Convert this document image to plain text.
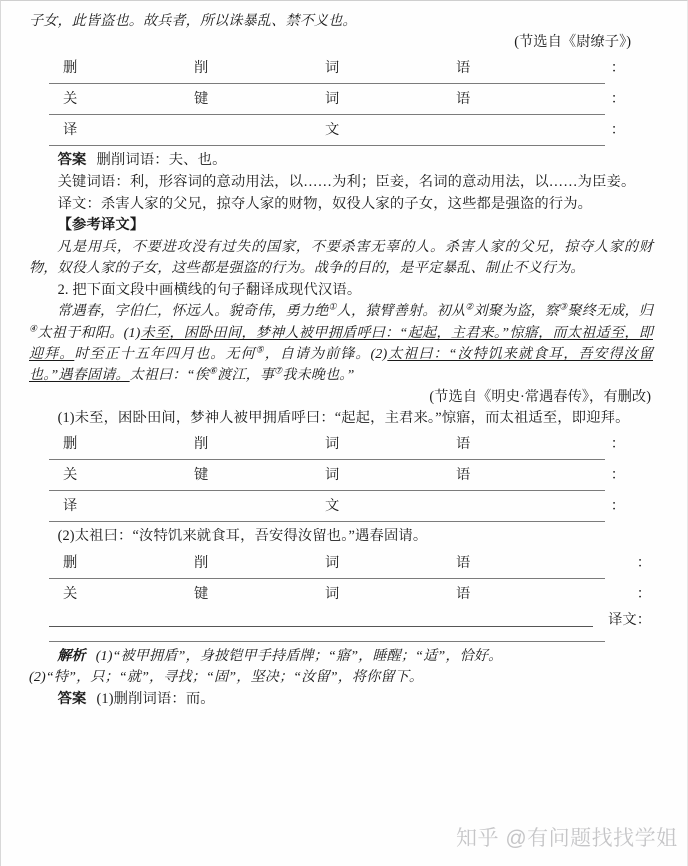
子女，此皆盗也。故兵者，所以诛暴乱、禁不义也。

(节选自《尉缭子》)

删	削	词	语	：
关	键	词	语	：
译	文	：

答案 删削词语：夫、也。

关键词语：利，形容词的意动用法，以……为利；臣妾，名词的意动用法，以……为臣妾。

译文：杀害人家的父兄，掠夺人家的财物，奴役人家的子女，这些都是强盗的行为。

【参考译文】

凡是用兵，不要进攻没有过失的国家，不要杀害无辜的人。杀害人家的父兄，掠夺人家的财物，奴役人家的子女，这些都是强盗的行为。战争的目的，是平定暴乱、制止不义行为。

2. 把下面文段中画横线的句子翻译成现代汉语。

常遇春，字伯仁，怀远人。貌奇伟，勇力绝①人，猿臂善射。初从②刘聚为盗，察③聚终无成，归④太祖于和阳。(1)未至，困卧田间，梦神人被甲拥盾呼曰：“起起，主君来。”惊寤，而太祖适至，即迎拜。时至正十五年四月也。无何⑤，自请为前锋。(2)太祖曰：“汝特饥来就食耳，吾安得汝留也。”遇春固请。太祖曰：“俟⑥渡江，事⑦我未晚也。”

(节选自《明史·常遇春传》，有删改)

(1)未至，困卧田间，梦神人被甲拥盾呼曰：“起起，主君来。”惊寤，而太祖适至，即迎拜。

删	削	词	语	：
关	键	词	语	：
译	文	：

(2)太祖曰：“汝特饥来就食耳，吾安得汝留也。”遇春固请。

删	削	词	语	：
关	键	词	语	：
译文：

解析 (1)“被甲拥盾”，身披铠甲手持盾牌；“寤”，睡醒；“适”，恰好。

(2)“特”，只；“就”，寻找；“固”，坚决；“汝留”，将你留下。

答案 (1)删削词语：而。

知乎 @有问题找找学姐
